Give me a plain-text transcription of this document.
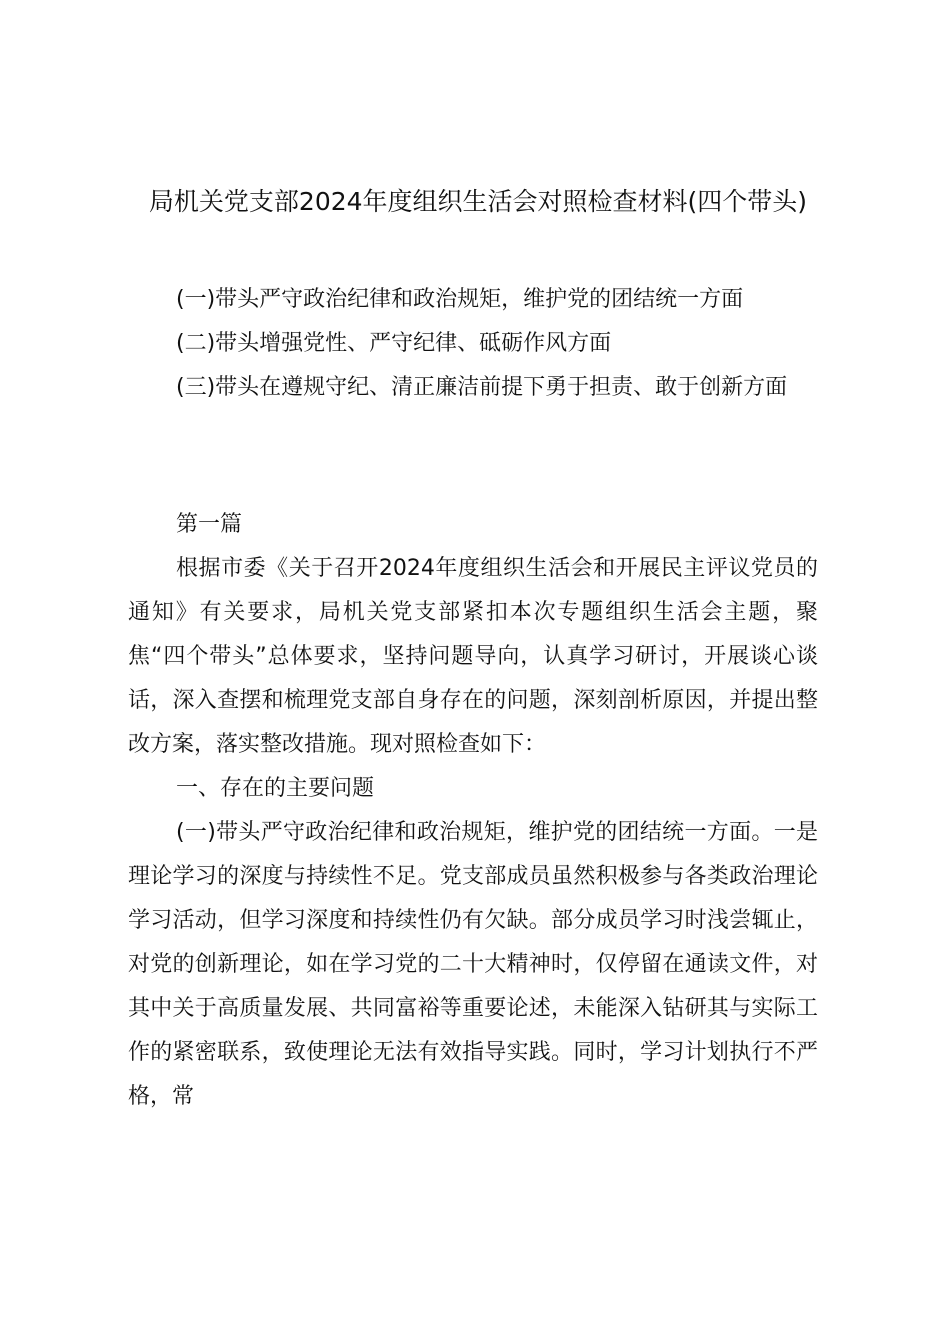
局机关党支部2024年度组织生活会对照检查材料(四个带头)

(一)带头严守政治纪律和政治规矩，维护党的团结统一方面

(二)带头增强党性、严守纪律、砥砺作风方面

(三)带头在遵规守纪、清正廉洁前提下勇于担责、敢于创新方面

第一篇

根据市委《关于召开2024年度组织生活会和开展民主评议党员的通知》有关要求，局机关党支部紧扣本次专题组织生活会主题，聚焦“四个带头”总体要求，坚持问题导向，认真学习研讨，开展谈心谈话，深入查摆和梳理党支部自身存在的问题，深刻剖析原因，并提出整改方案，落实整改措施。现对照检查如下：

一、存在的主要问题

(一)带头严守政治纪律和政治规矩，维护党的团结统一方面。一是理论学习的深度与持续性不足。党支部成员虽然积极参与各类政治理论学习活动，但学习深度和持续性仍有欠缺。部分成员学习时浅尝辄止，对党的创新理论，如在学习党的二十大精神时，仅停留在通读文件，对其中关于高质量发展、共同富裕等重要论述，未能深入钻研其与实际工作的紧密联系，致使理论无法有效指导实践。同时，学习计划执行不严格，常
